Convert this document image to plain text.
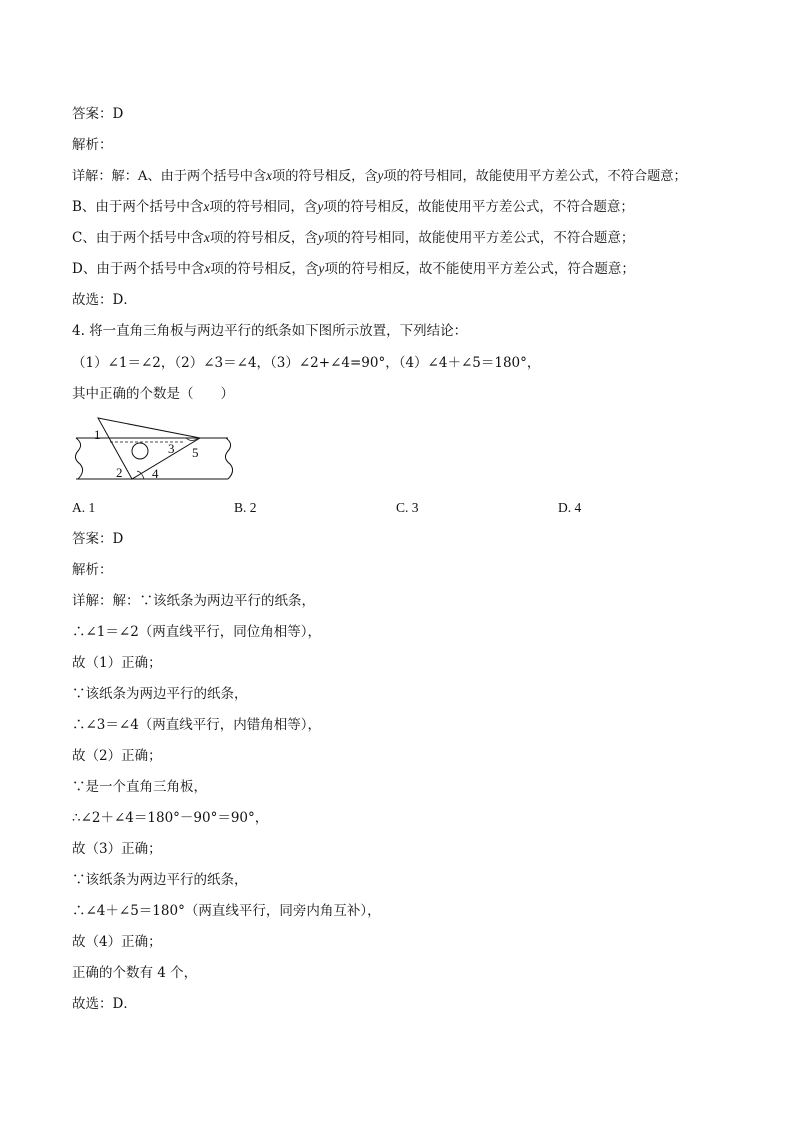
答案：D
解析：
详解：解：A、由于两个括号中含x项的符号相反，含y项的符号相同，故能使用平方差公式，不符合题意；
B、由于两个括号中含x项的符号相同，含y项的符号相反，故能使用平方差公式，不符合题意；
C、由于两个括号中含x项的符号相反，含y项的符号相同，故能使用平方差公式，不符合题意；
D、由于两个括号中含x项的符号相反，含y项的符号相反，故不能使用平方差公式，符合题意；
故选：D．
4. 将一直角三角板与两边平行的纸条如下图所示放置，下列结论：
（1）∠1＝∠2，（2）∠3＝∠4，（3）∠2+∠4=90°，（4）∠4＋∠5＝180°，
其中正确的个数是（　　）
1
2
3
4
5
A. 1	B. 2	C. 3	D. 4
答案：D
解析：
详解：解：∵该纸条为两边平行的纸条，
∴∠1＝∠2（两直线平行，同位角相等），
故（1）正确；
∵该纸条为两边平行的纸条，
∴∠3＝∠4（两直线平行，内错角相等），
故（2）正确；
∵是一个直角三角板，
∴∠2＋∠4＝180°－90°＝90°，
故（3）正确；
∵该纸条为两边平行的纸条，
∴∠4＋∠5＝180°（两直线平行，同旁内角互补），
故（4）正确；
正确的个数有 4 个，
故选：D．
